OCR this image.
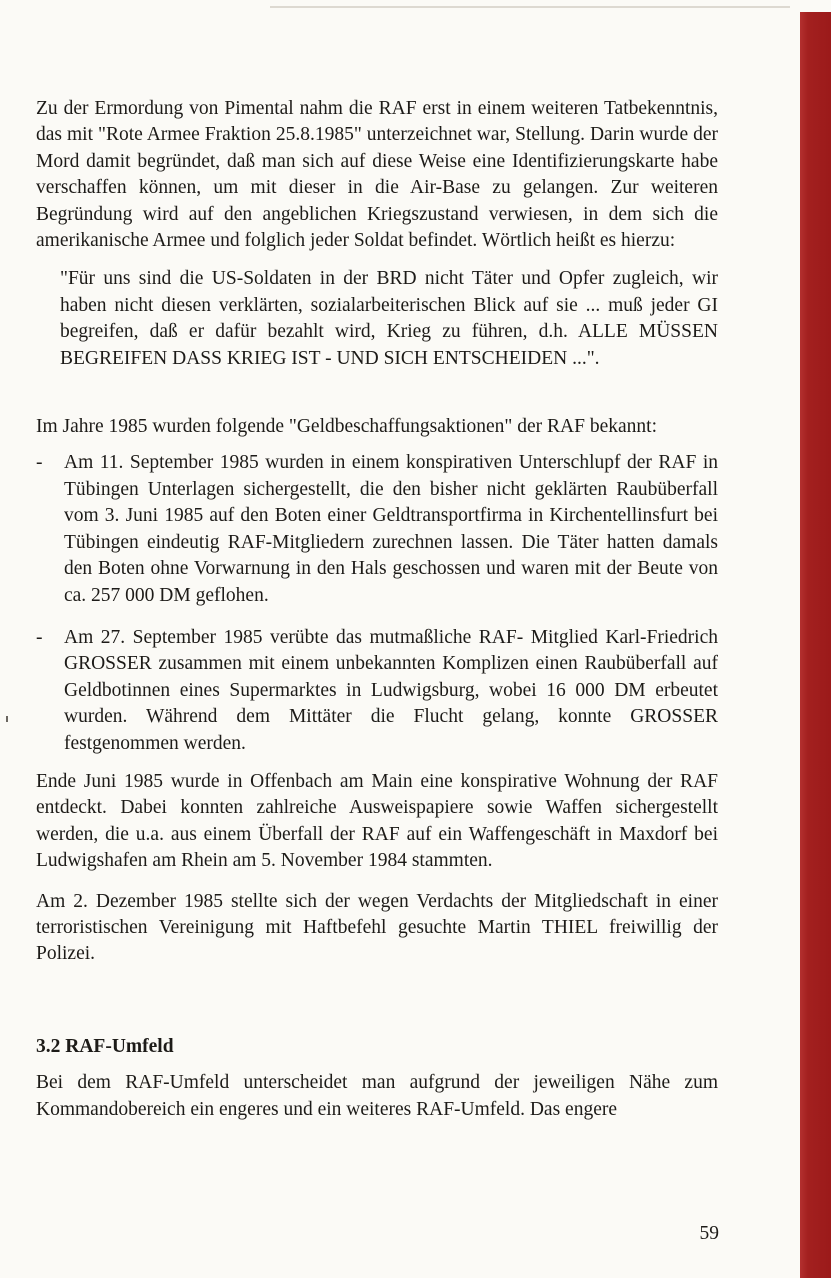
Zu der Ermordung von Pimental nahm die RAF erst in einem weiteren Tatbekenntnis, das mit "Rote Armee Fraktion 25.8.1985" unterzeichnet war, Stellung. Darin wurde der Mord damit begründet, daß man sich auf diese Weise eine Identifizierungskarte habe verschaffen können, um mit dieser in die Air-Base zu gelangen. Zur weiteren Begründung wird auf den angeblichen Kriegszustand verwiesen, in dem sich die amerikanische Armee und folglich jeder Soldat befindet. Wörtlich heißt es hierzu:

"Für uns sind die US-Soldaten in der BRD nicht Täter und Opfer zugleich, wir haben nicht diesen verklärten, sozialarbeiterischen Blick auf sie ... muß jeder GI begreifen, daß er dafür bezahlt wird, Krieg zu führen, d.h. ALLE MÜSSEN BEGREIFEN DASS KRIEG IST - UND SICH ENTSCHEIDEN ...".

Im Jahre 1985 wurden folgende "Geldbeschaffungsaktionen" der RAF bekannt:

- Am 11. September 1985 wurden in einem konspirativen Unterschlupf der RAF in Tübingen Unterlagen sichergestellt, die den bisher nicht geklärten Raubüberfall vom 3. Juni 1985 auf den Boten einer Geldtransportfirma in Kirchentellinsfurt bei Tübingen eindeutig RAF-Mitgliedern zurechnen lassen. Die Täter hatten damals den Boten ohne Vorwarnung in den Hals geschossen und waren mit der Beute von ca. 257 000 DM geflohen.

- Am 27. September 1985 verübte das mutmaßliche RAF- Mitglied Karl-Friedrich GROSSER zusammen mit einem unbekannten Komplizen einen Raubüberfall auf Geldbotinnen eines Supermarktes in Ludwigsburg, wobei 16 000 DM erbeutet wurden. Während dem Mittäter die Flucht gelang, konnte GROSSER festgenommen werden.

Ende Juni 1985 wurde in Offenbach am Main eine konspirative Wohnung der RAF entdeckt. Dabei konnten zahlreiche Ausweispapiere sowie Waffen sichergestellt werden, die u.a. aus einem Überfall der RAF auf ein Waffengeschäft in Maxdorf bei Ludwigshafen am Rhein am 5. November 1984 stammten.

Am 2. Dezember 1985 stellte sich der wegen Verdachts der Mitgliedschaft in einer terroristischen Vereinigung mit Haftbefehl gesuchte Martin THIEL freiwillig der Polizei.

3.2 RAF-Umfeld

Bei dem RAF-Umfeld unterscheidet man aufgrund der jeweiligen Nähe zum Kommandobereich ein engeres und ein weiteres RAF-Umfeld. Das engere

59
